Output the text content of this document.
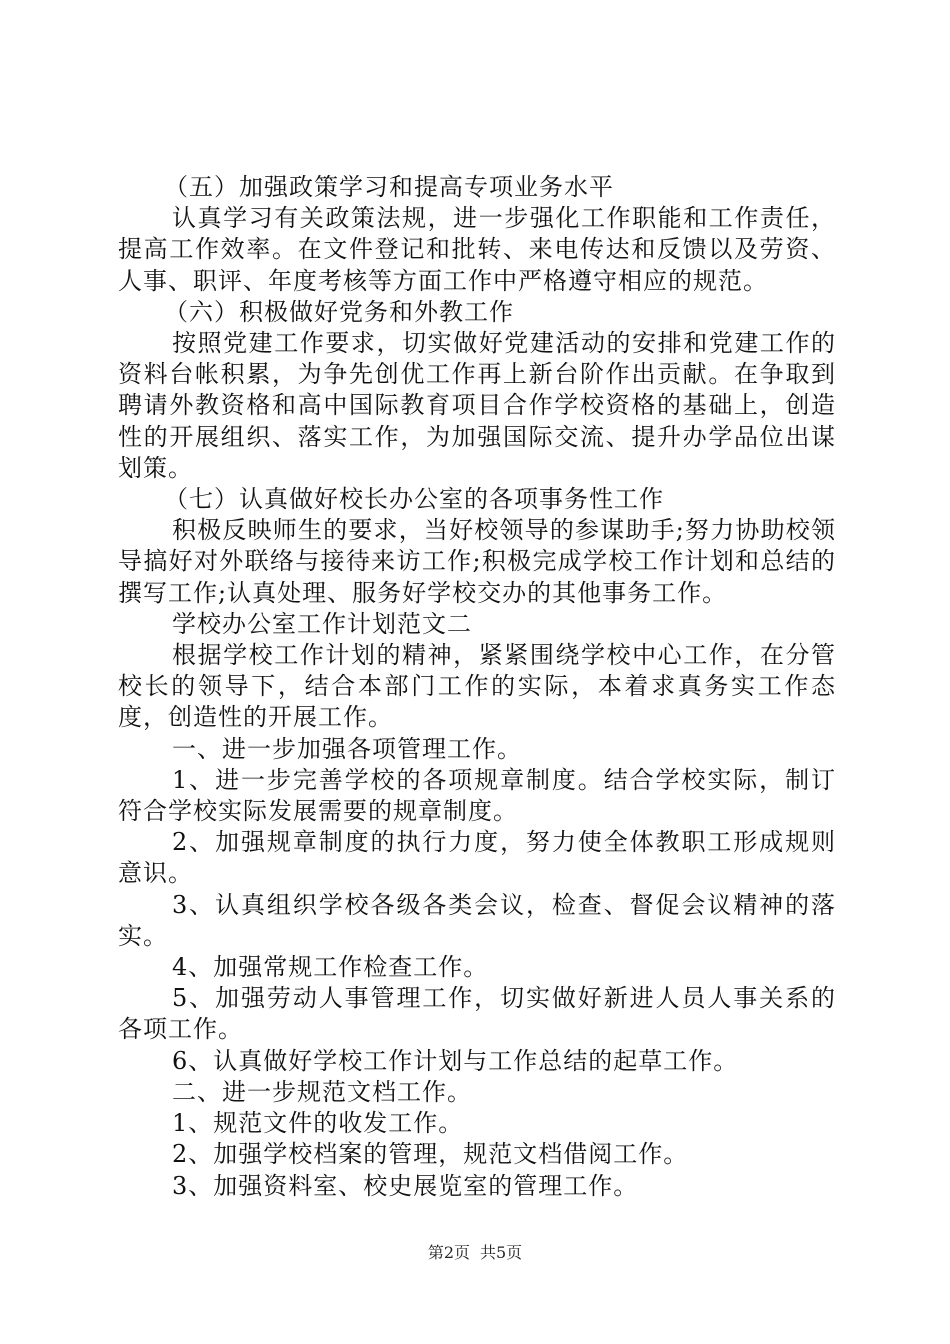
（五）加强政策学习和提高专项业务水平

认真学习有关政策法规，进一步强化工作职能和工作责任，提高工作效率。在文件登记和批转、来电传达和反馈以及劳资、人事、职评、年度考核等方面工作中严格遵守相应的规范。

（六）积极做好党务和外教工作

按照党建工作要求，切实做好党建活动的安排和党建工作的资料台帐积累，为争先创优工作再上新台阶作出贡献。在争取到聘请外教资格和高中国际教育项目合作学校资格的基础上，创造性的开展组织、落实工作，为加强国际交流、提升办学品位出谋划策。

（七）认真做好校长办公室的各项事务性工作

积极反映师生的要求，当好校领导的参谋助手;努力协助校领导搞好对外联络与接待来访工作;积极完成学校工作计划和总结的撰写工作;认真处理、服务好学校交办的其他事务工作。

学校办公室工作计划范文二

根据学校工作计划的精神，紧紧围绕学校中心工作，在分管校长的领导下，结合本部门工作的实际，本着求真务实工作态度，创造性的开展工作。

一、进一步加强各项管理工作。

1、进一步完善学校的各项规章制度。结合学校实际，制订符合学校实际发展需要的规章制度。

2、加强规章制度的执行力度，努力使全体教职工形成规则意识。

3、认真组织学校各级各类会议，检查、督促会议精神的落实。

4、加强常规工作检查工作。

5、加强劳动人事管理工作，切实做好新进人员人事关系的各项工作。

6、认真做好学校工作计划与工作总结的起草工作。

二、进一步规范文档工作。

1、规范文件的收发工作。

2、加强学校档案的管理，规范文档借阅工作。

3、加强资料室、校史展览室的管理工作。

第2页 共5页
